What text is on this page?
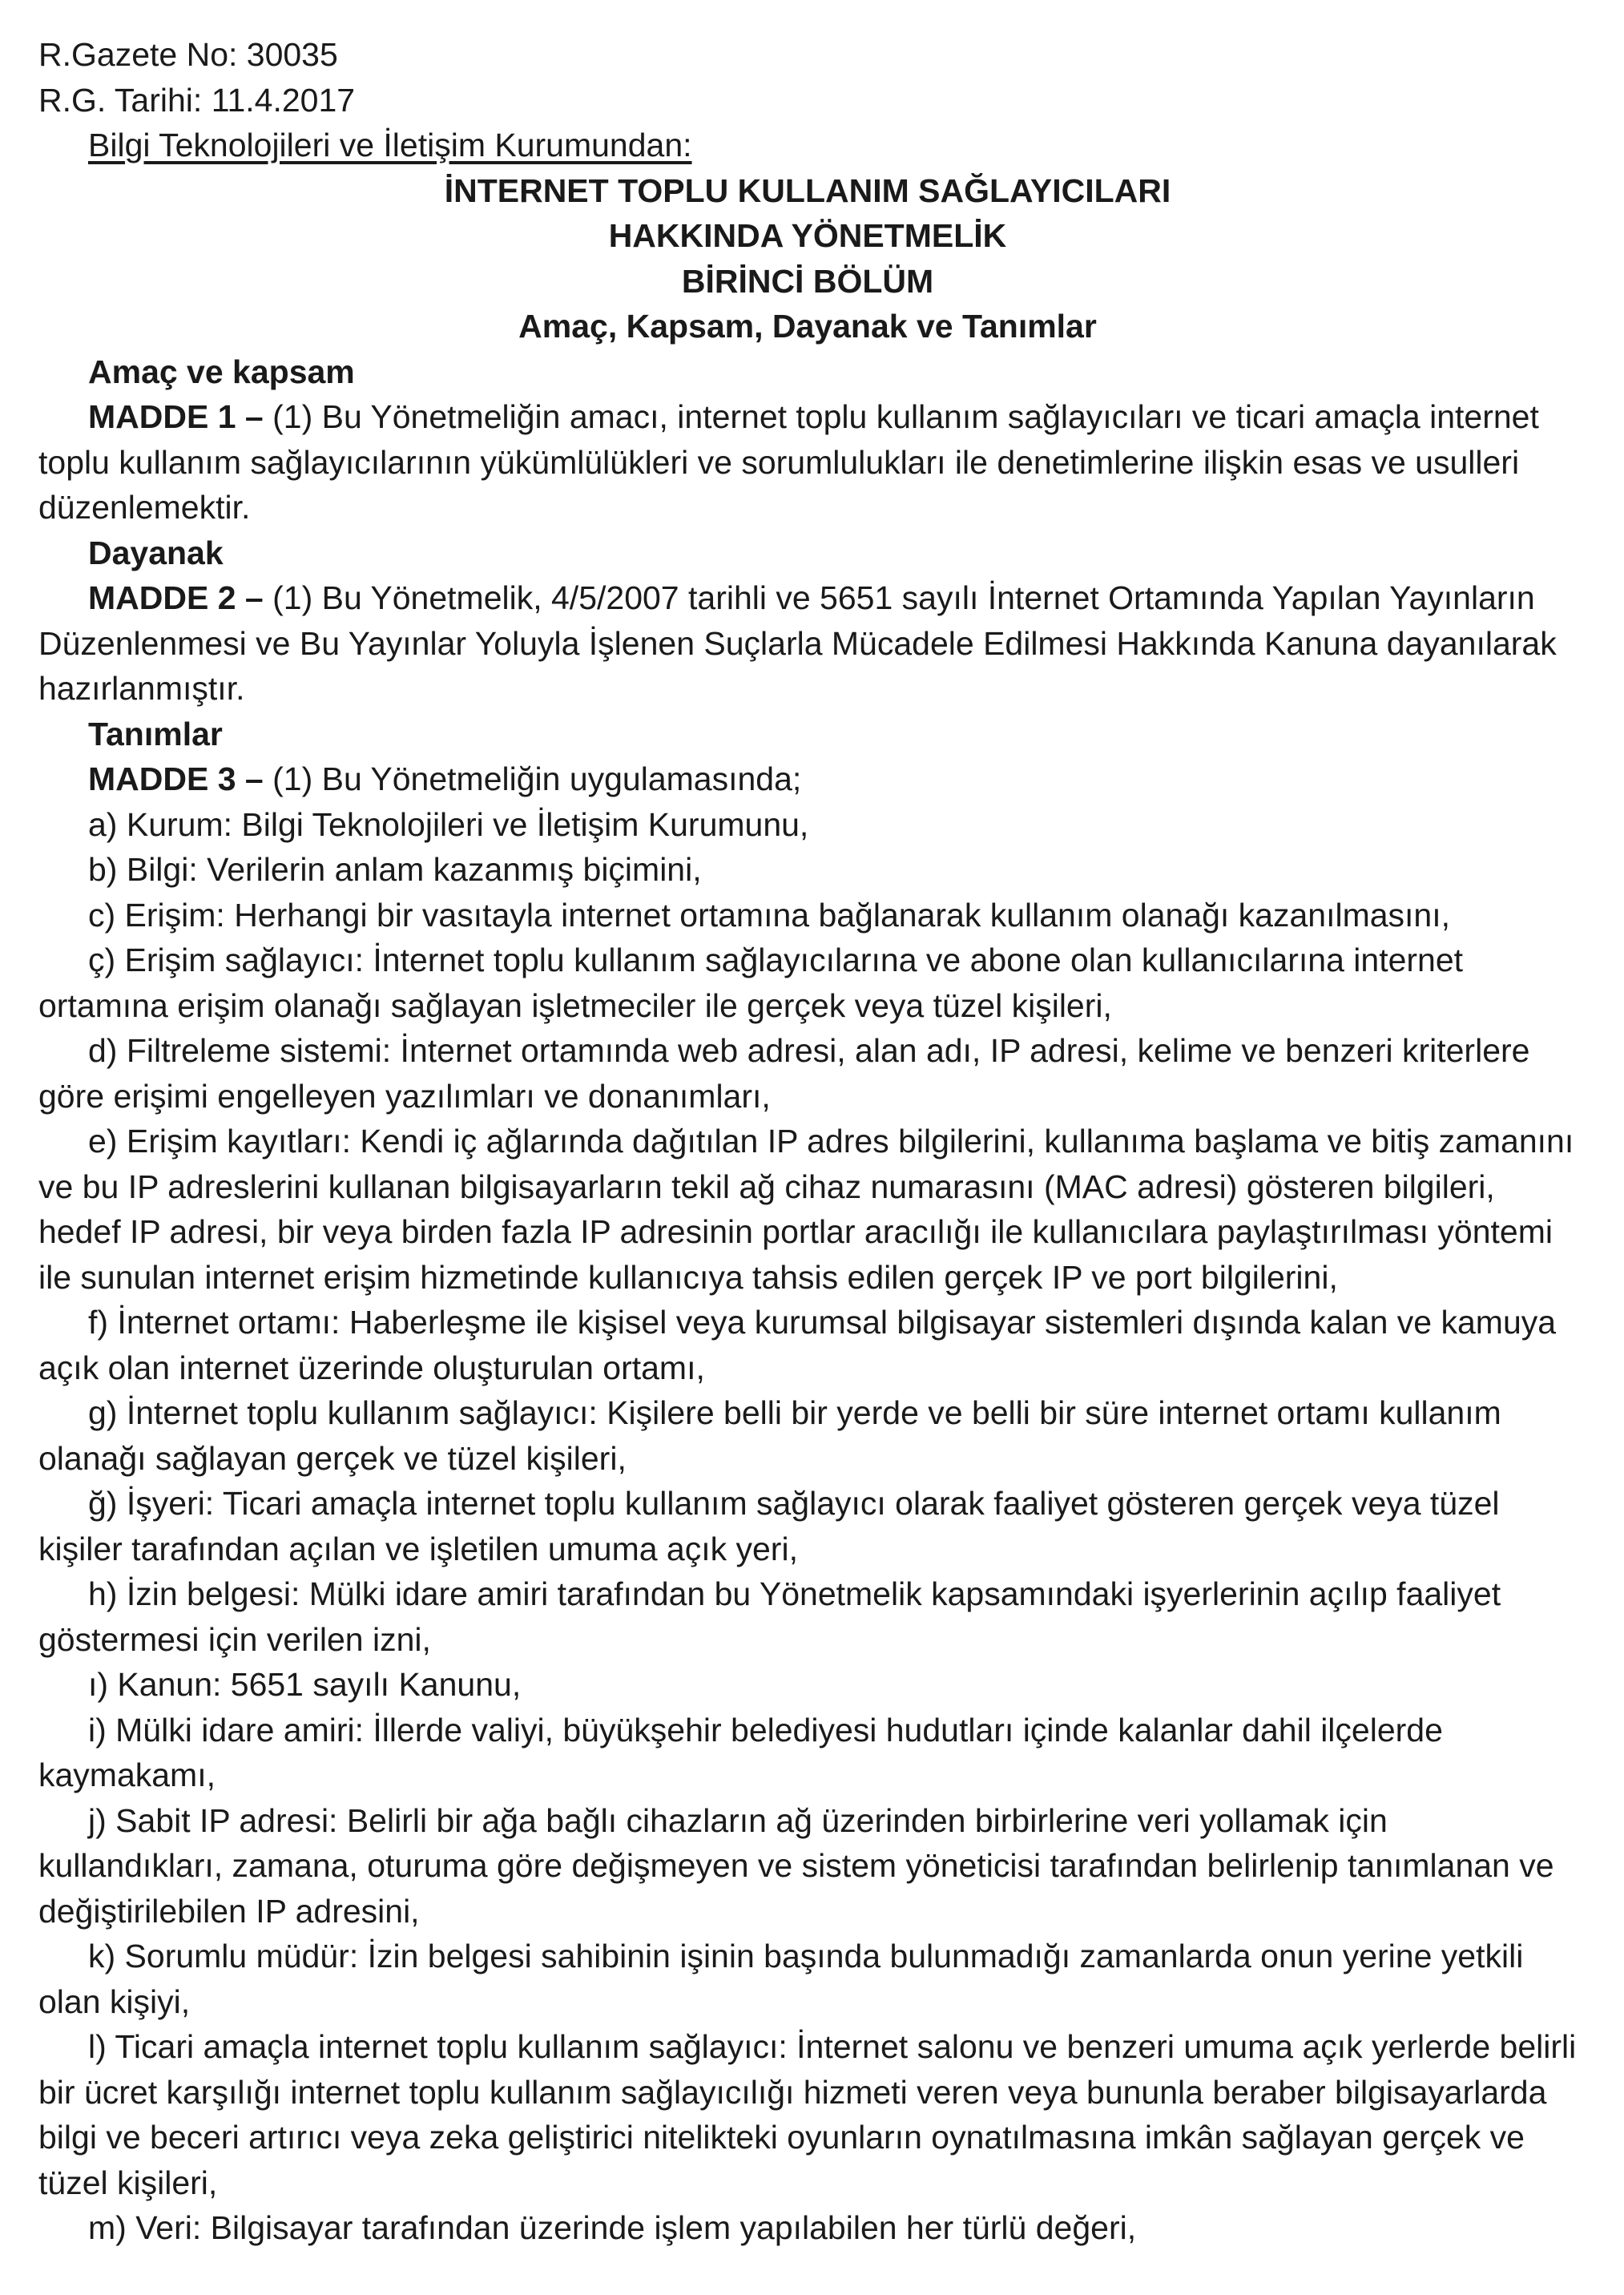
R.Gazete No: 30035

R.G. Tarihi: 11.4.2017

Bilgi Teknolojileri ve İletişim Kurumundan:

İNTERNET TOPLU KULLANIM SAĞLAYICILARI

HAKKINDA YÖNETMELİK

BİRİNCİ BÖLÜM

Amaç, Kapsam, Dayanak ve Tanımlar

Amaç ve kapsam

MADDE 1 – (1) Bu Yönetmeliğin amacı, internet toplu kullanım sağlayıcıları ve ticari amaçla internet toplu kullanım sağlayıcılarının yükümlülükleri ve sorumlulukları ile denetimlerine ilişkin esas ve usulleri düzenlemektir.

Dayanak

MADDE 2 – (1) Bu Yönetmelik, 4/5/2007 tarihli ve 5651 sayılı İnternet Ortamında Yapılan Yayınların Düzenlenmesi ve Bu Yayınlar Yoluyla İşlenen Suçlarla Mücadele Edilmesi Hakkında Kanuna dayanılarak hazırlanmıştır.

Tanımlar

MADDE 3 – (1) Bu Yönetmeliğin uygulamasında;

a) Kurum: Bilgi Teknolojileri ve İletişim Kurumunu,

b) Bilgi: Verilerin anlam kazanmış biçimini,

c) Erişim: Herhangi bir vasıtayla internet ortamına bağlanarak kullanım olanağı kazanılmasını,

ç) Erişim sağlayıcı: İnternet toplu kullanım sağlayıcılarına ve abone olan kullanıcılarına internet ortamına erişim olanağı sağlayan işletmeciler ile gerçek veya tüzel kişileri,

d) Filtreleme sistemi: İnternet ortamında web adresi, alan adı, IP adresi, kelime ve benzeri kriterlere göre erişimi engelleyen yazılımları ve donanımları,

e) Erişim kayıtları: Kendi iç ağlarında dağıtılan IP adres bilgilerini, kullanıma başlama ve bitiş zamanını ve bu IP adreslerini kullanan bilgisayarların tekil ağ cihaz numarasını (MAC adresi) gösteren bilgileri, hedef IP adresi, bir veya birden fazla IP adresinin portlar aracılığı ile kullanıcılara paylaştırılması yöntemi ile sunulan internet erişim hizmetinde kullanıcıya tahsis edilen gerçek IP ve port bilgilerini,

f) İnternet ortamı: Haberleşme ile kişisel veya kurumsal bilgisayar sistemleri dışında kalan ve kamuya açık olan internet üzerinde oluşturulan ortamı,

g) İnternet toplu kullanım sağlayıcı: Kişilere belli bir yerde ve belli bir süre internet ortamı kullanım olanağı sağlayan gerçek ve tüzel kişileri,

ğ) İşyeri: Ticari amaçla internet toplu kullanım sağlayıcı olarak faaliyet gösteren gerçek veya tüzel kişiler tarafından açılan ve işletilen umuma açık yeri,

h) İzin belgesi: Mülki idare amiri tarafından bu Yönetmelik kapsamındaki işyerlerinin açılıp faaliyet göstermesi için verilen izni,

ı) Kanun: 5651 sayılı Kanunu,

i) Mülki idare amiri: İllerde valiyi, büyükşehir belediyesi hudutları içinde kalanlar dahil ilçelerde kaymakamı,

j) Sabit IP adresi: Belirli bir ağa bağlı cihazların ağ üzerinden birbirlerine veri yollamak için kullandıkları, zamana, oturuma göre değişmeyen ve sistem yöneticisi tarafından belirlenip tanımlanan ve değiştirilebilen IP adresini,

k) Sorumlu müdür: İzin belgesi sahibinin işinin başında bulunmadığı zamanlarda onun yerine yetkili olan kişiyi,

l) Ticari amaçla internet toplu kullanım sağlayıcı: İnternet salonu ve benzeri umuma açık yerlerde belirli bir ücret karşılığı internet toplu kullanım sağlayıcılığı hizmeti veren veya bununla beraber bilgisayarlarda bilgi ve beceri artırıcı veya zeka geliştirici nitelikteki oyunların oynatılmasına imkân sağlayan gerçek ve tüzel kişileri,

m) Veri: Bilgisayar tarafından üzerinde işlem yapılabilen her türlü değeri,
